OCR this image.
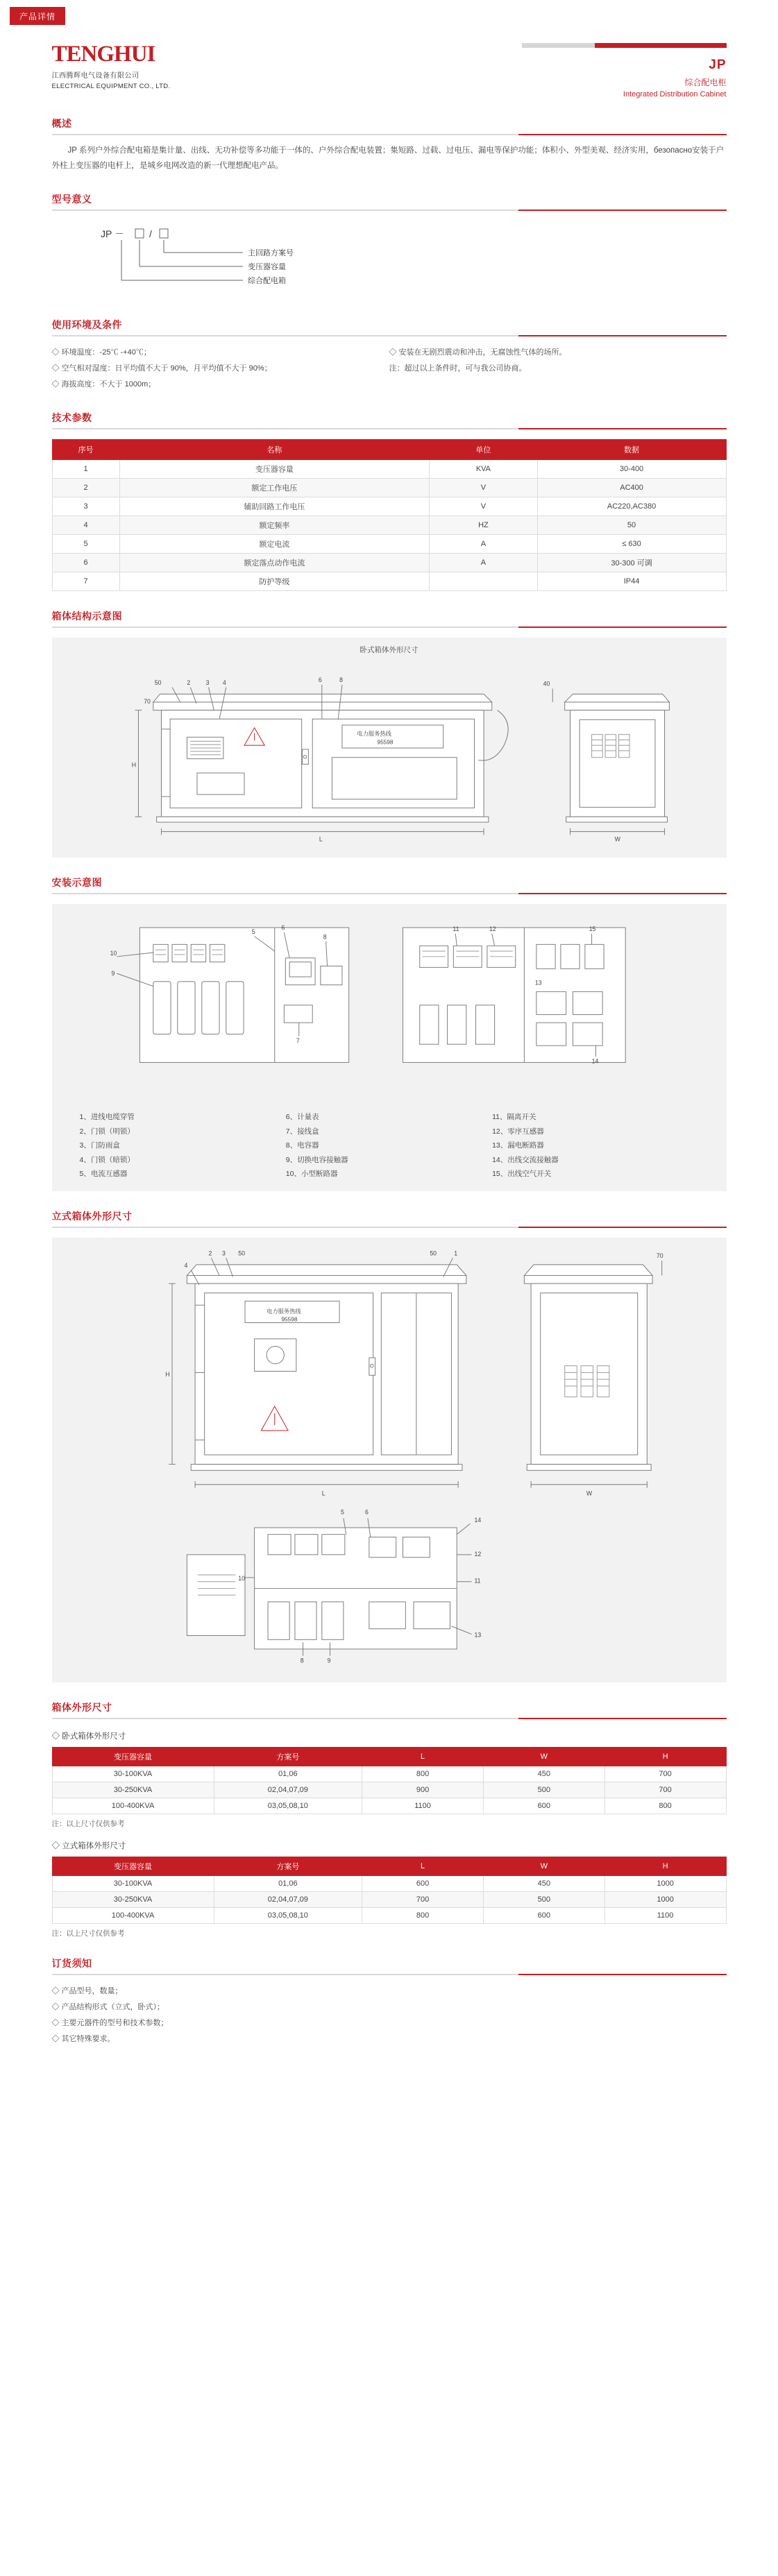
产品详情
TENGHUI
江西腾辉电气设备有限公司
ELECTRICAL EQUIPMENT CO., LTD.
JP
综合配电柜
Integrated Distribution Cabinet
概述
JP 系列户外综合配电箱是集计量、出线、无功补偿等多功能于一体的、户外综合配电装置；集短路、过载、过电压、漏电等保护功能；体积小、外型美观、经济实用，безопасно安装于户外柱上变压器的电杆上，是城乡电网改造的新一代理想配电产品。
型号意义
JP －	/
主回路方案号
变压器容量
综合配电箱
使用环境及条件
◇ 环境温度：-25℃ -+40℃；
◇ 空气相对湿度：日平均值不大于 90%，月平均值不大于 90%；
◇ 海拔高度：不大于 1000m；
◇ 安装在无剧烈震动和冲击，无腐蚀性气体的场所。
注：超过以上条件时，可与我公司协商。
技术参数
序号	名称	单位	数据
1	变压器容量	KVA	30-400
2	额定工作电压	V	AC400
3	辅助回路工作电压	V	AC220,AC380
4	额定频率	HZ	50
5	额定电流	A	≤ 630
6	额定落点动作电流	A	30-300 可调
7	防护等级		IP44
箱体结构示意图
卧式箱体外形尺寸
50	2 3 4	6	8
70
40
H
L	W
电力服务热线
95598
安装示意图
10
9
5
6
7
8
11	12	15
14
13
1、进线电缆穿管
2、门锁（明锁）
3、门防雨盒
4、门锁（暗锁）
5、电流互感器
6、计量表
7、接线盒
8、电容器
9、切换电容接触器
10、小型断路器
11、隔离开关
12、零序互感器
13、漏电断路器
14、出线交流接触器
15、出线空气开关
立式箱体外形尺寸
2 3 50	50	1	70
4
H
L	W
5	6
14
12
11
13
10
8	9
电力服务热线
95598
箱体外形尺寸
◇ 卧式箱体外形尺寸
变压器容量	方案号	L	W	H
30-100KVA	01,06	800	450	700
30-250KVA	02,04,07,09	900	500	700
100-400KVA	03,05,08,10	1100	600	800
注：以上尺寸仅供参考
◇ 立式箱体外形尺寸
变压器容量	方案号	L	W	H
30-100KVA	01,06	600	450	1000
30-250KVA	02,04,07,09	700	500	1000
100-400KVA	03,05,08,10	800	600	1100
注：以上尺寸仅供参考
订货须知
◇ 产品型号，数量；
◇ 产品结构形式（立式，卧式）；
◇ 主要元器件的型号和技术参数；
◇ 其它特殊要求。
